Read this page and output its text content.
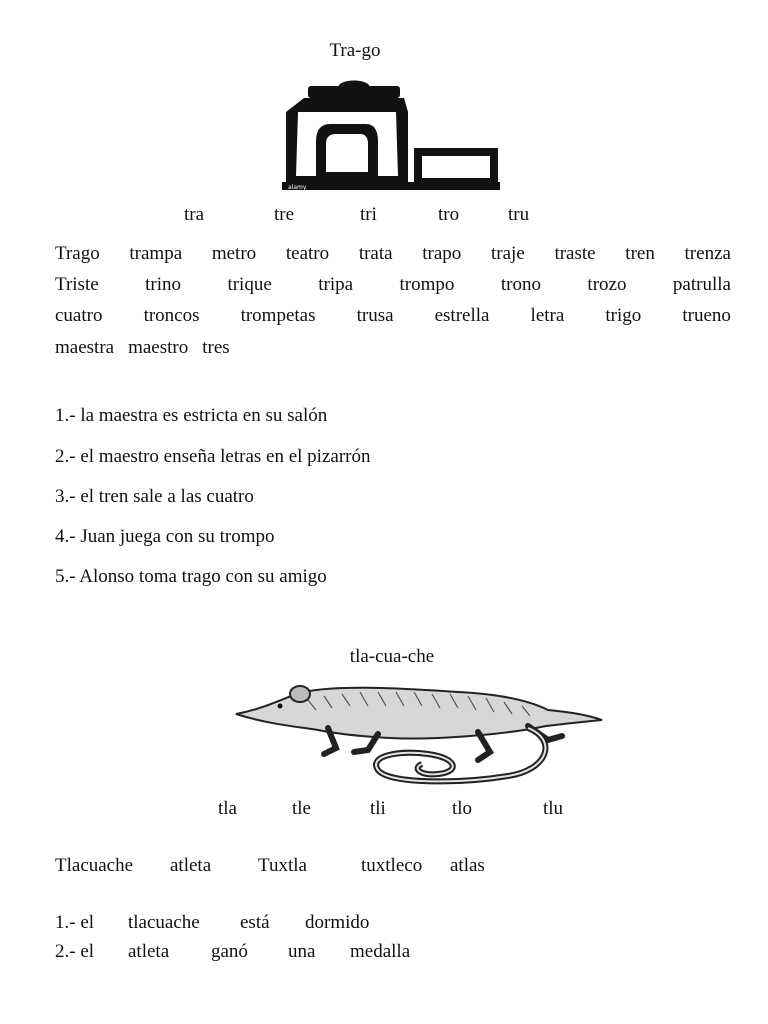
Tra-go
alamy
tra	tre	tri	tro	tru
Trago trampa metro teatro trata trapo traje traste tren trenza
Triste trino trique tripa trompo trono trozo patrulla
cuatro troncos trompetas trusa estrella letra trigo trueno
maestra maestro tres
1.- la maestra es estricta en su salón
2.- el maestro enseña letras en el pizarrón
3.- el tren sale a las cuatro
4.- Juan juega con su trompo
5.- Alonso toma trago con su amigo
tla-cua-che
tla	tle	tli	tlo	tlu
Tlacuache atleta Tuxtla	tuxtleco atlas
1.- el tlacuache está dormido
2.- el atleta ganó una medalla
